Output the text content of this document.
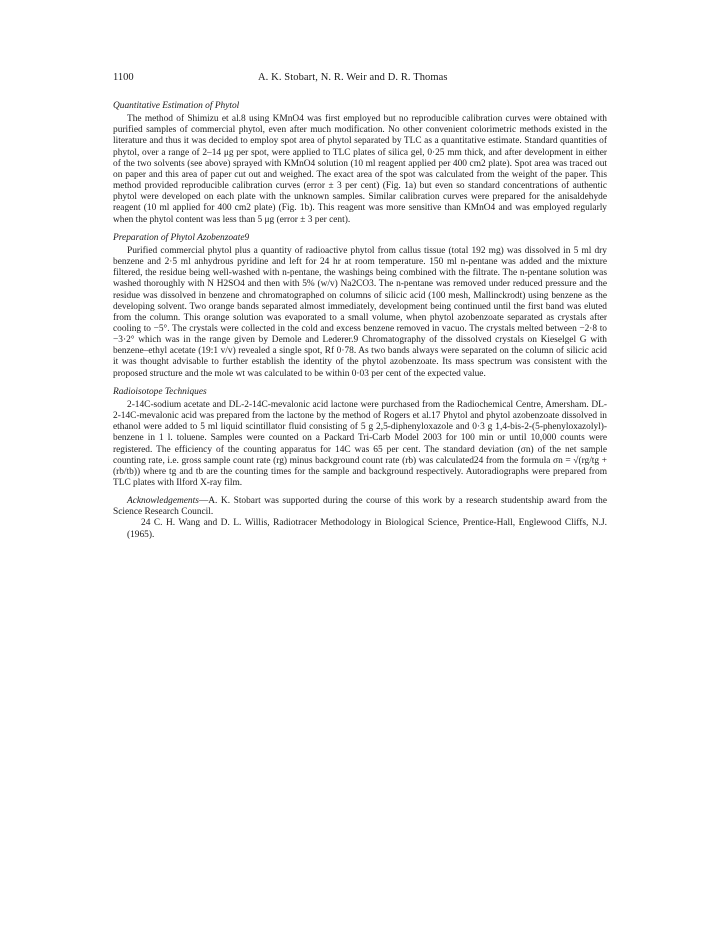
1100	A. K. Stobart, N. R. Weir and D. R. Thomas
Quantitative Estimation of Phytol

The method of Shimizu et al.8 using KMnO4 was first employed but no reproducible calibration curves were obtained with purified samples of commercial phytol, even after much modification. No other convenient colorimetric methods existed in the literature and thus it was decided to employ spot area of phytol separated by TLC as a quantitative estimate. Standard quantities of phytol, over a range of 2–14 μg per spot, were applied to TLC plates of silica gel, 0·25 mm thick, and after development in either of the two solvents (see above) sprayed with KMnO4 solution (10 ml reagent applied per 400 cm2 plate). Spot area was traced out on paper and this area of paper cut out and weighed. The exact area of the spot was calculated from the weight of the paper. This method provided reproducible calibration curves (error ± 3 per cent) (Fig. 1a) but even so standard concentrations of authentic phytol were developed on each plate with the unknown samples. Similar calibration curves were prepared for the anisaldehyde reagent (10 ml applied for 400 cm2 plate) (Fig. 1b). This reagent was more sensitive than KMnO4 and was employed regularly when the phytol content was less than 5 μg (error ± 3 per cent).

Preparation of Phytol Azobenzoate9

Purified commercial phytol plus a quantity of radioactive phytol from callus tissue (total 192 mg) was dissolved in 5 ml dry benzene and 2·5 ml anhydrous pyridine and left for 24 hr at room temperature. 150 ml n-pentane was added and the mixture filtered, the residue being well-washed with n-pentane, the washings being combined with the filtrate. The n-pentane solution was washed thoroughly with N H2SO4 and then with 5% (w/v) Na2CO3. The n-pentane was removed under reduced pressure and the residue was dissolved in benzene and chromatographed on columns of silicic acid (100 mesh, Mallinckrodt) using benzene as the developing solvent. Two orange bands separated almost immediately, development being continued until the first band was eluted from the column. This orange solution was evaporated to a small volume, when phytol azobenzoate separated as crystals after cooling to −5°. The crystals were collected in the cold and excess benzene removed in vacuo. The crystals melted between −2·8 to −3·2° which was in the range given by Demole and Lederer.9 Chromatography of the dissolved crystals on Kieselgel G with benzene–ethyl acetate (19:1 v/v) revealed a single spot, Rf 0·78. As two bands always were separated on the column of silicic acid it was thought advisable to further establish the identity of the phytol azobenzoate. Its mass spectrum was consistent with the proposed structure and the mole wt was calculated to be within 0·03 per cent of the expected value.

Radioisotope Techniques

2-14C-sodium acetate and DL-2-14C-mevalonic acid lactone were purchased from the Radiochemical Centre, Amersham. DL-2-14C-mevalonic acid was prepared from the lactone by the method of Rogers et al.17 Phytol and phytol azobenzoate dissolved in ethanol were added to 5 ml liquid scintillator fluid consisting of 5 g 2,5-diphenyloxazole and 0·3 g 1,4-bis-2-(5-phenyloxazolyl)-benzene in 1 l. toluene. Samples were counted on a Packard Tri-Carb Model 2003 for 100 min or until 10,000 counts were registered. The efficiency of the counting apparatus for 14C was 65 per cent. The standard deviation (σn) of the net sample counting rate, i.e. gross sample count rate (rg) minus background count rate (rb) was calculated24 from the formula σn = √(rg/tg + (rb/tb)) where tg and tb are the counting times for the sample and background respectively. Autoradiographs were prepared from TLC plates with Ilford X-ray film.

Acknowledgements—A. K. Stobart was supported during the course of this work by a research studentship award from the Science Research Council.

24 C. H. Wang and D. L. Willis, Radiotracer Methodology in Biological Science, Prentice-Hall, Englewood Cliffs, N.J. (1965).
